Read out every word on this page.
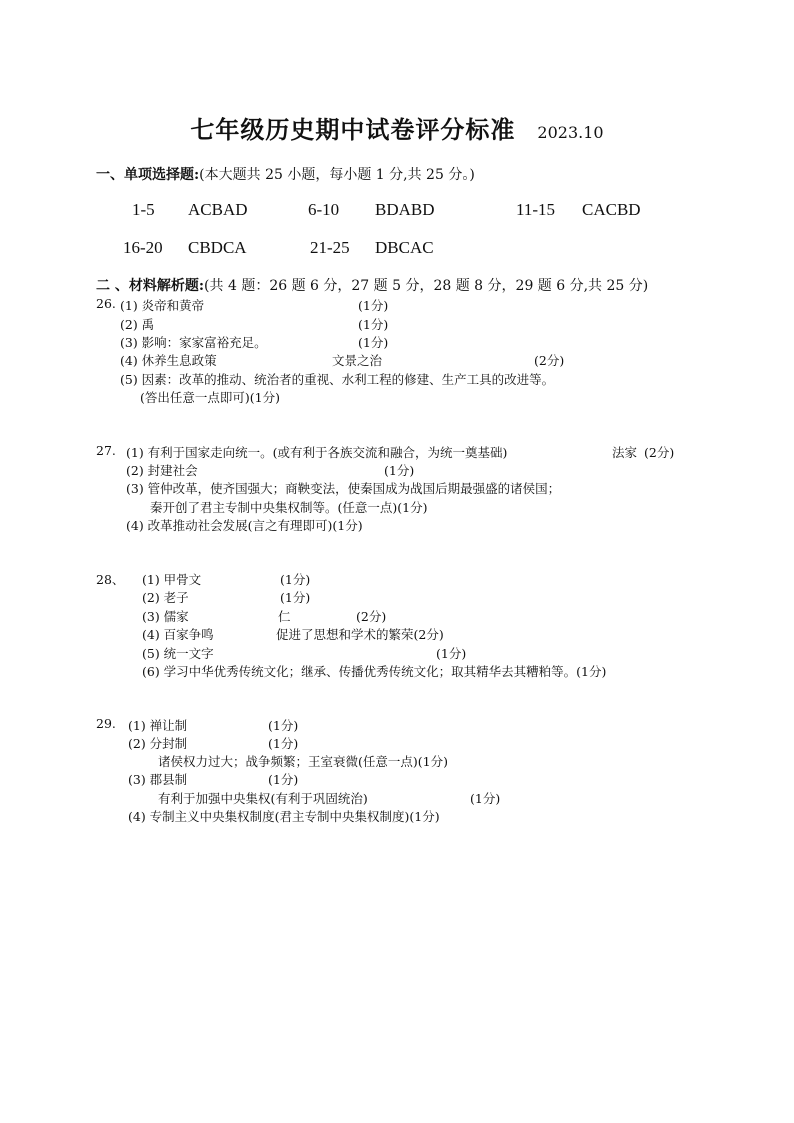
七年级历史期中试卷评分标准 2023.10
一、单项选择题:(本大题共 25 小题，每小题 1 分,共 25 分。)
1-5 ACBAD	6-10 BDABD	11-15 CACBD
16-20 CBDCA	21-25 DBCAC
二 、材料解析题:(共 4 题：26 题 6 分，27 题 5 分，28 题 8 分，29 题 6 分,共 25 分)
26. (1) 炎帝和黄帝	(1分)
(2) 禹	(1分)
(3) 影响：家家富裕充足。	(1分)
(4) 休养生息政策	文景之治	(2分)
(5) 因素：改革的推动、统治者的重视、水利工程的修建、生产工具的改进等。
(答出任意一点即可)(1分)
27. (1) 有利于国家走向统一。(或有利于各族交流和融合，为统一奠基础)	法家 (2分)
(2) 封建社会	(1分)
(3) 管仲改革，使齐国强大；商鞅变法，使秦国成为战国后期最强盛的诸侯国；
秦开创了君主专制中央集权制等。(任意一点)(1分)
(4) 改革推动社会发展(言之有理即可)(1分)
28、 (1) 甲骨文	(1分)
(2) 老子	(1分)
(3) 儒家	仁	(2分)
(4) 百家争鸣	促进了思想和学术的繁荣(2分)
(5) 统一文字	(1分)
(6) 学习中华优秀传统文化；继承、传播优秀传统文化；取其精华去其糟粕等。(1分)
29. (1) 禅让制	(1分)
(2) 分封制	(1分)
诸侯权力过大；战争频繁；王室衰微(任意一点)(1分)
(3) 郡县制	(1分)
有利于加强中央集权(有利于巩固统治)	(1分)
(4) 专制主义中央集权制度(君主专制中央集权制度)(1分)
